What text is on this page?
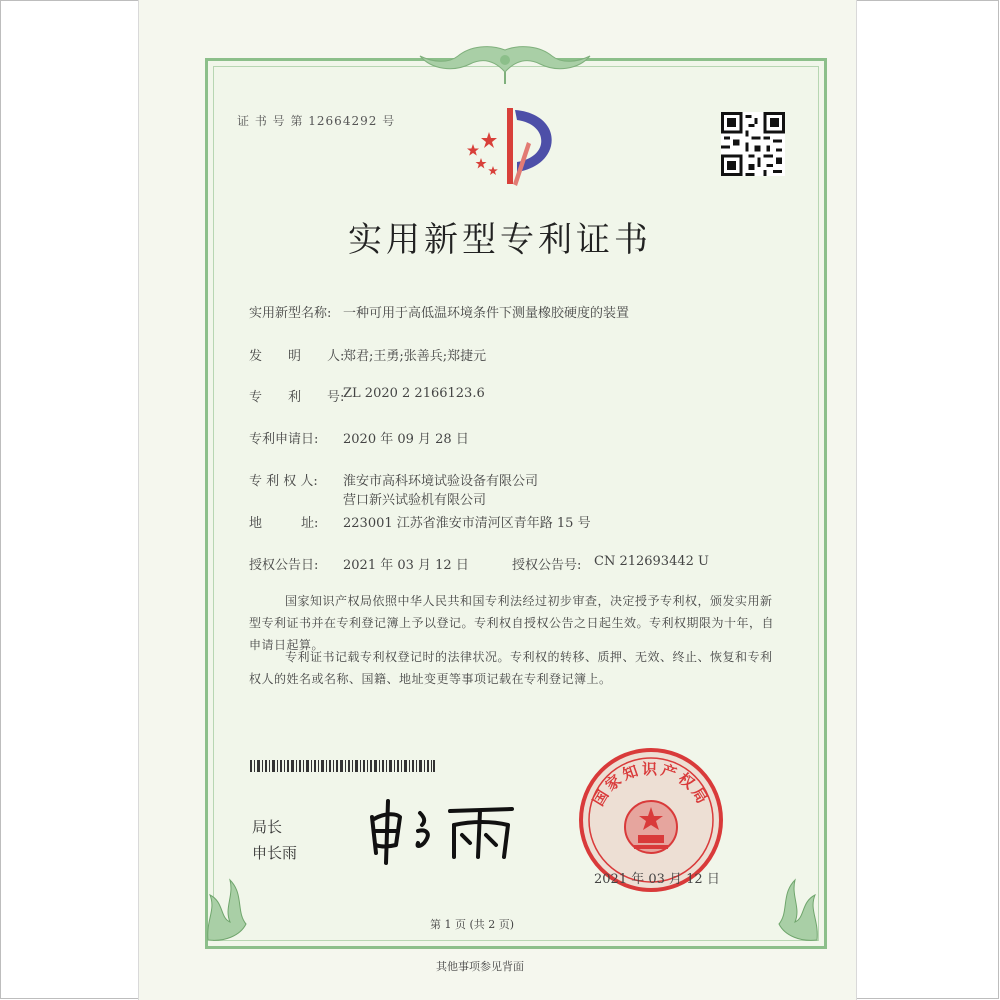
证 书 号 第 12664292 号
实用新型专利证书
实用新型名称: 一种可用于高低温环境条件下测量橡胶硬度的装置
发　　明　　人:
郑君;王勇;张善兵;郑捷元
专　　利　　号:
ZL 2020 2 2166123.6
专利申请日: 2020 年 09 月 28 日
专 利 权 人: 淮安市高科环境试验设备有限公司
营口新兴试验机有限公司
地　　　址: 223001 江苏省淮安市清河区青年路 15 号
授权公告日: 2021 年 03 月 12 日	授权公告号: CN 212693442 U
国家知识产权局依照中华人民共和国专利法经过初步审查，决定授予专利权，颁发实用新型专利证书并在专利登记簿上予以登记。专利权自授权公告之日起生效。专利权期限为十年，自申请日起算。
专利证书记载专利权登记时的法律状况。专利权的转移、质押、无效、终止、恢复和专利权人的姓名或名称、国籍、地址变更等事项记载在专利登记簿上。
局长
申长雨
国家知识产权局
2021 年 03 月 12 日
第 1 页 (共 2 页)
其他事项参见背面
